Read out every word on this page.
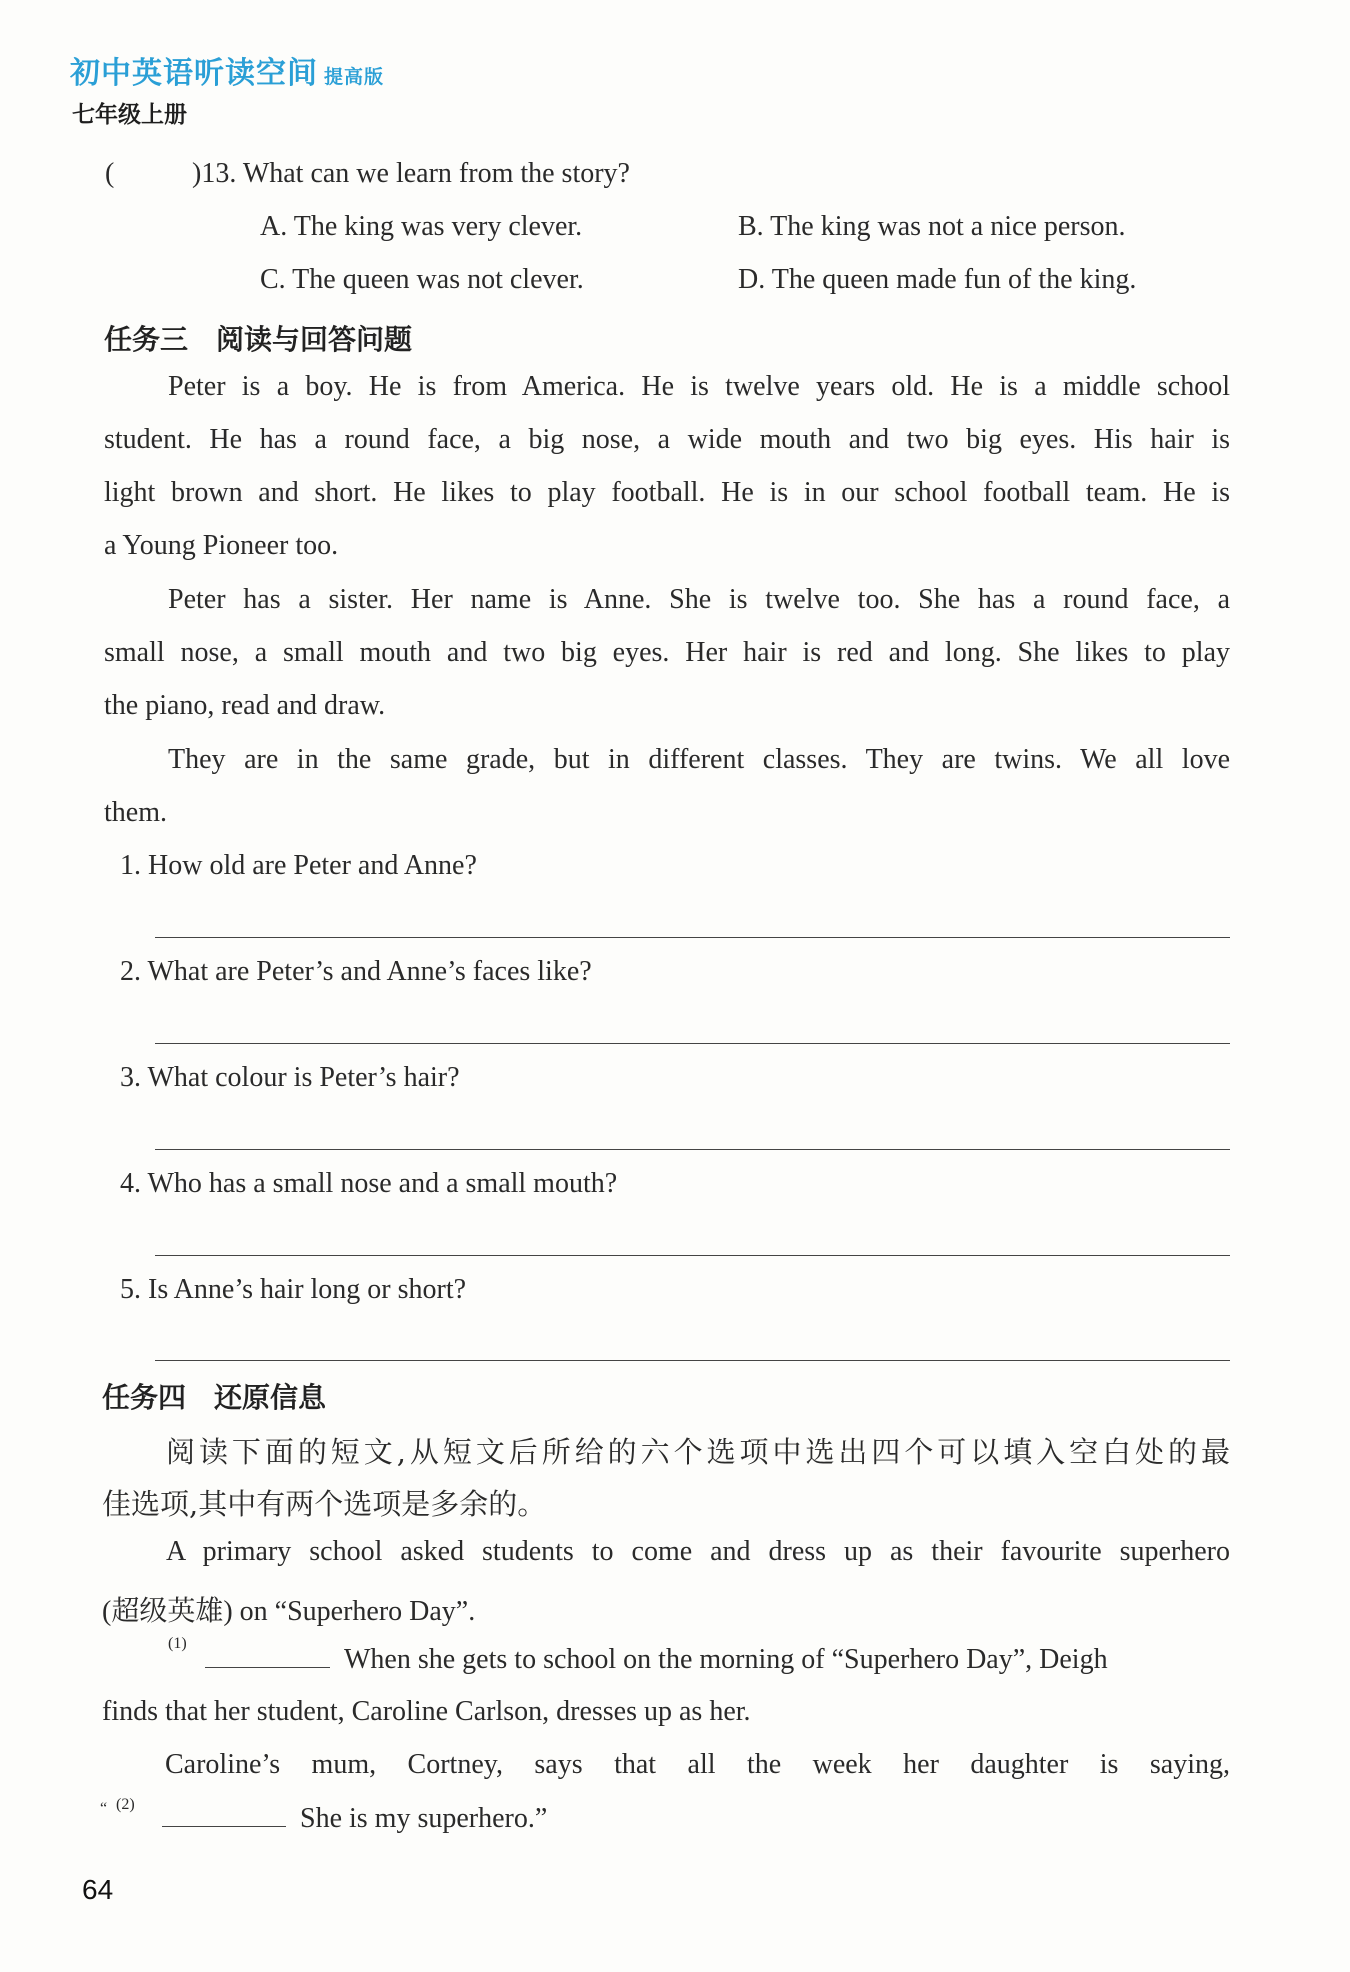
初中英语听读空间 提高版
七年级上册
(	)13. What can we learn from the story?
A. The king was very clever.	B. The king was not a nice person.
C. The queen was not clever.	D. The queen made fun of the king.
任务三　阅读与回答问题
Peter is a boy. He is from America. He is twelve years old. He is a middle school
student. He has a round face, a big nose, a wide mouth and two big eyes. His hair is
light brown and short. He likes to play football. He is in our school football team. He is
a Young Pioneer too.
Peter has a sister. Her name is Anne. She is twelve too. She has a round face, a
small nose, a small mouth and two big eyes. Her hair is red and long. She likes to play
the piano, read and draw.
They are in the same grade, but in different classes. They are twins. We all love
them.
1. How old are Peter and Anne?
2. What are Peter’s and Anne’s faces like?
3. What colour is Peter’s hair?
4. Who has a small nose and a small mouth?
5. Is Anne’s hair long or short?
任务四　还原信息
阅读下面的短文,从短文后所给的六个选项中选出四个可以填入空白处的最
佳选项,其中有两个选项是多余的。
A primary school asked students to come and dress up as their favourite superhero
(超级英雄) on “Superhero Day”.
(1)
When she gets to school on the morning of “Superhero Day”, Deigh
finds that her student, Caroline Carlson, dresses up as her.
Caroline’s mum, Cortney, says that all the week her daughter is saying,
“ (2)	She is my superhero.”
64
